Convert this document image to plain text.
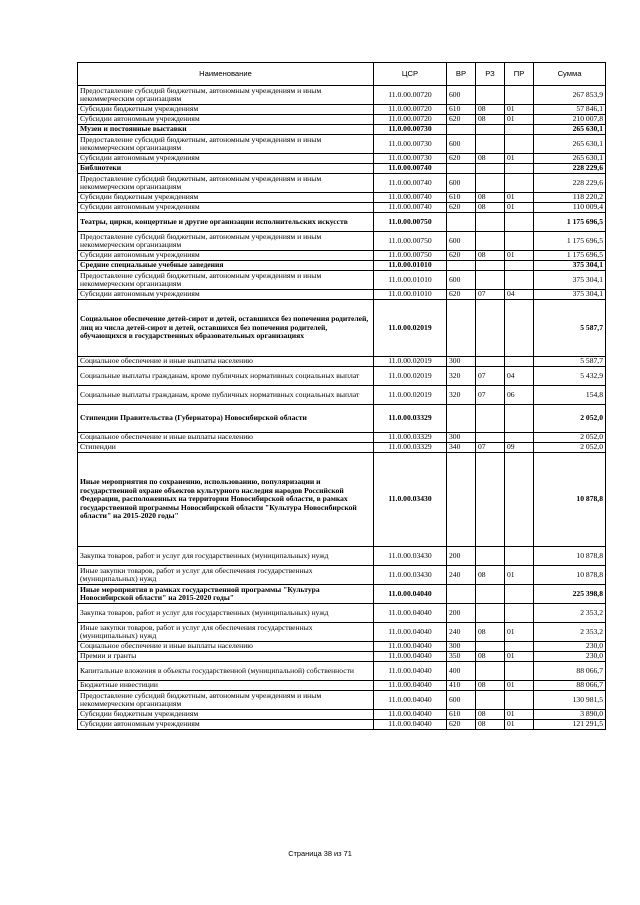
Наименование	ЦСР	ВР	РЗ	ПР	Сумма
Предоставление субсидий бюджетным, автономным учреждениям и иным некоммерческим организациям	11.0.00.00720	600			267 853,9
Субсидии бюджетным учреждениям	11.0.00.00720	610	08	01	57 846,1
Субсидии автономным учреждениям	11.0.00.00720	620	08	01	210 007,8
Музеи и постоянные выставки	11.0.00.00730				265 630,1
Предоставление субсидий бюджетным, автономным учреждениям и иным некоммерческим организациям	11.0.00.00730	600			265 630,1
Субсидии автономным учреждениям	11.0.00.00730	620	08	01	265 630,1
Библиотеки	11.0.00.00740				228 229,6
Предоставление субсидий бюджетным, автономным учреждениям и иным некоммерческим организациям	11.0.00.00740	600			228 229,6
Субсидии бюджетным учреждениям	11.0.00.00740	610	08	01	118 220,2
Субсидии автономным учреждениям	11.0.00.00740	620	08	01	110 009,4
Театры, цирки, концертные и другие организации исполнительских искусств	11.0.00.00750				1 175 696,5
Предоставление субсидий бюджетным, автономным учреждениям и иным некоммерческим организациям	11.0.00.00750	600			1 175 696,5
Субсидии автономным учреждениям	11.0.00.00750	620	08	01	1 175 696,5
Средние специальные учебные заведения	11.0.00.01010				375 304,1
Предоставление субсидий бюджетным, автономным учреждениям и иным некоммерческим организациям	11.0.00.01010	600			375 304,1
Субсидии автономным учреждениям	11.0.00.01010	620	07	04	375 304,1
Социальное обеспечение детей-сирот и детей, оставшихся без попечения родителей, лиц из числа детей-сирот и детей, оставшихся без попечения родителей, обучающихся в государственных образовательных организациях	11.0.00.02019				5 587,7
Социальное обеспечение и иные выплаты населению	11.0.00.02019	300			5 587,7
Социальные выплаты гражданам, кроме публичных нормативных социальных выплат	11.0.00.02019	320	07	04	5 432,9
Социальные выплаты гражданам, кроме публичных нормативных социальных выплат	11.0.00.02019	320	07	06	154,8
Стипендии Правительства (Губернатора) Новосибирской области	11.0.00.03329				2 052,0
Социальное обеспечение и иные выплаты населению	11.0.00.03329	300			2 052,0
Стипендии	11.0.00.03329	340	07	09	2 052,0
Иные мероприятия по сохранению, использованию, популяризации и государственной охране объектов культурного наследия народов Российской Федерации, расположенных на территории Новосибирской области, в рамках государственной программы Новосибирской области "Культура Новосибирской области" на 2015-2020 годы"	11.0.00.03430				10 878,8
Закупка товаров, работ и услуг для государственных (муниципальных) нужд	11.0.00.03430	200			10 878,8
Иные закупки товаров, работ и услуг для обеспечения государственных (муниципальных) нужд	11.0.00.03430	240	08	01	10 878,8
Иные мероприятия в рамках государственной программы "Культура Новосибирской области" на 2015-2020 годы"	11.0.00.04040				225 398,8
Закупка товаров, работ и услуг для государственных (муниципальных) нужд	11.0.00.04040	200			2 353,2
Иные закупки товаров, работ и услуг для обеспечения государственных (муниципальных) нужд	11.0.00.04040	240	08	01	2 353,2
Социальное обеспечение и иные выплаты населению	11.0.00.04040	300			230,0
Премии и гранты	11.0.00.04040	350	08	01	230,0
Капитальные вложения в объекты государственной (муниципальной) собственности	11.0.00.04040	400			88 066,7
Бюджетные инвестиции	11.0.00.04040	410	08	01	88 066,7
Предоставление субсидий бюджетным, автономным учреждениям и иным некоммерческим организациям	11.0.00.04040	600			130 981,5
Субсидии бюджетным учреждениям	11.0.00.04040	610	08	01	3 890,0
Субсидии автономным учреждениям	11.0.00.04040	620	08	01	121 291,5
Страница 38 из 71
